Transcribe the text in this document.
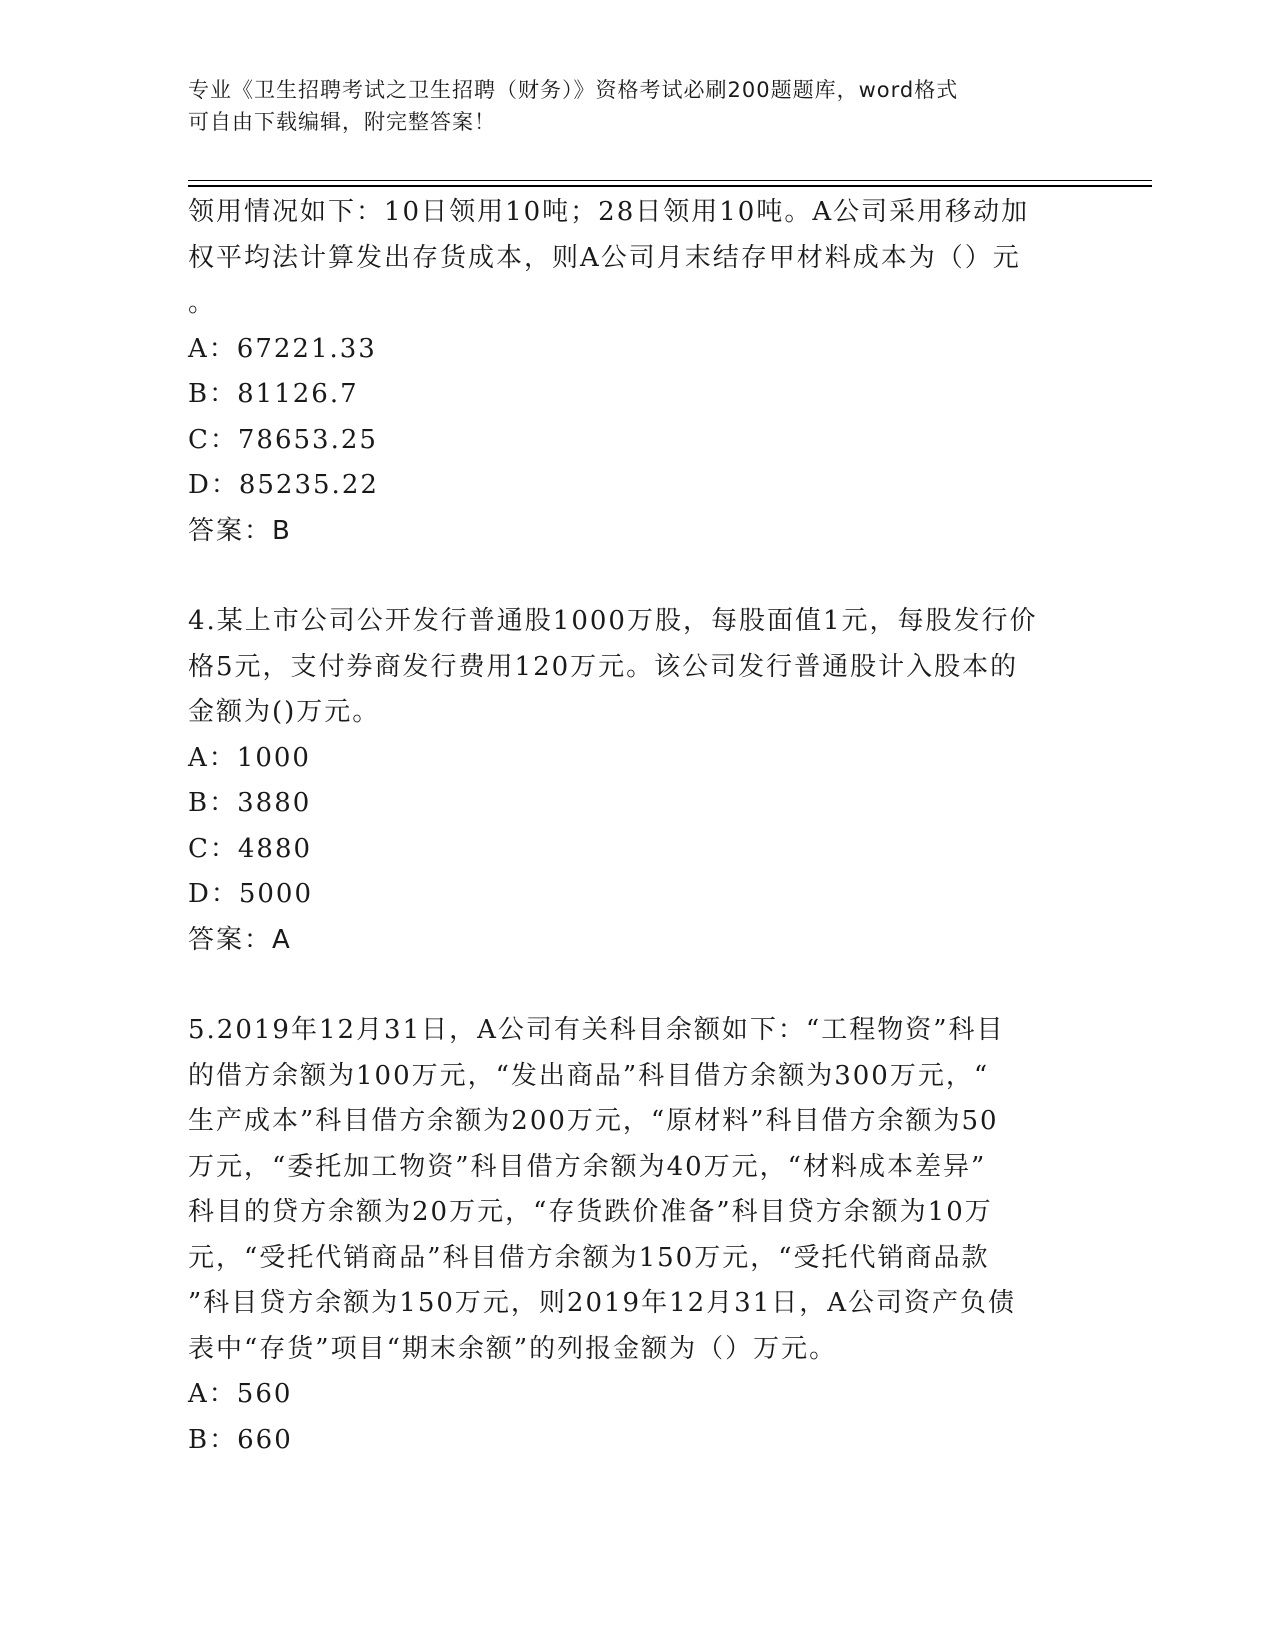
专业《卫生招聘考试之卫生招聘（财务）》资格考试必刷200题题库，word格式
可自由下载编辑，附完整答案！
领用情况如下：10日领用10吨；28日领用10吨。A公司采用移动加
权平均法计算发出存货成本，则A公司月末结存甲材料成本为（）元
。
A：67221.33
B：81126.7
C：78653.25
D：85235.22
答案：B
4.某上市公司公开发行普通股1000万股，每股面值1元，每股发行价
格5元，支付券商发行费用120万元。该公司发行普通股计入股本的
金额为()万元。
A：1000
B：3880
C：4880
D：5000
答案：A
5.2019年12月31日，A公司有关科目余额如下：“工程物资”科目
的借方余额为100万元，“发出商品”科目借方余额为300万元，“
生产成本”科目借方余额为200万元，“原材料”科目借方余额为50
万元，“委托加工物资”科目借方余额为40万元，“材料成本差异”
科目的贷方余额为20万元，“存货跌价准备”科目贷方余额为10万
元，“受托代销商品”科目借方余额为150万元，“受托代销商品款
”科目贷方余额为150万元，则2019年12月31日，A公司资产负债
表中“存货”项目“期末余额”的列报金额为（）万元。
A：560
B：660
